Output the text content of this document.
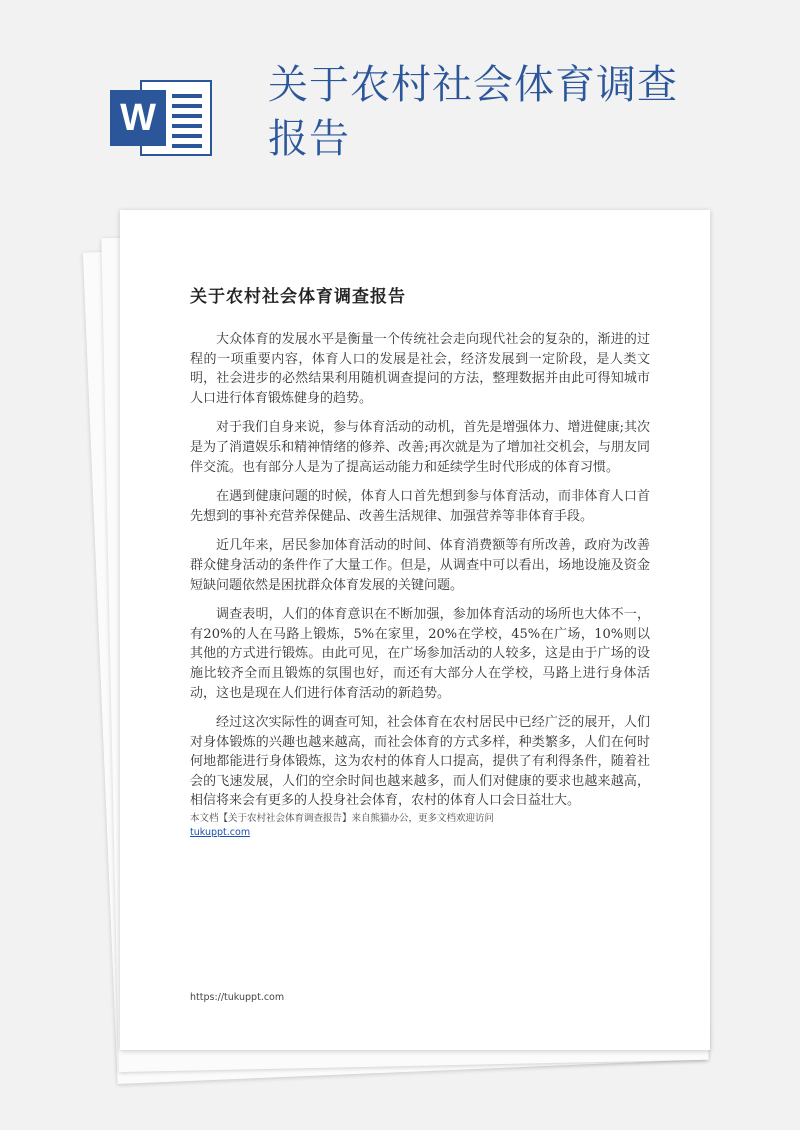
W
关于农村社会体育调查报告
关于农村社会体育调查报告

大众体育的发展水平是衡量一个传统社会走向现代社会的复杂的，渐进的过程的一项重要内容，体育人口的发展是社会，经济发展到一定阶段，是人类文明，社会进步的必然结果利用随机调查提问的方法，整理数据并由此可得知城市人口进行体育锻炼健身的趋势。

对于我们自身来说，参与体育活动的动机，首先是增强体力、增进健康;其次是为了消遣娱乐和精神情绪的修养、改善;再次就是为了增加社交机会，与朋友同伴交流。也有部分人是为了提高运动能力和延续学生时代形成的体育习惯。

在遇到健康问题的时候，体育人口首先想到参与体育活动，而非体育人口首先想到的事补充营养保健品、改善生活规律、加强营养等非体育手段。

近几年来，居民参加体育活动的时间、体育消费额等有所改善，政府为改善群众健身活动的条件作了大量工作。但是，从调查中可以看出，场地设施及资金短缺问题依然是困扰群众体育发展的关键问题。

调查表明，人们的体育意识在不断加强，参加体育活动的场所也大体不一，有20%的人在马路上锻炼，5%在家里，20%在学校，45%在广场，10%则以其他的方式进行锻炼。由此可见，在广场参加活动的人较多，这是由于广场的设施比较齐全而且锻炼的氛围也好，而还有大部分人在学校，马路上进行身体活动，这也是现在人们进行体育活动的新趋势。

经过这次实际性的调查可知，社会体育在农村居民中已经广泛的展开，人们对身体锻炼的兴趣也越来越高，而社会体育的方式多样，种类繁多，人们在何时何地都能进行身体锻炼，这为农村的体育人口提高，提供了有利得条件，随着社会的飞速发展，人们的空余时间也越来越多，而人们对健康的要求也越来越高，相信将来会有更多的人投身社会体育，农村的体育人口会日益壮大。

本文档【关于农村社会体育调查报告】来自熊猫办公，更多文档欢迎访问
tukuppt.com
https://tukuppt.com
